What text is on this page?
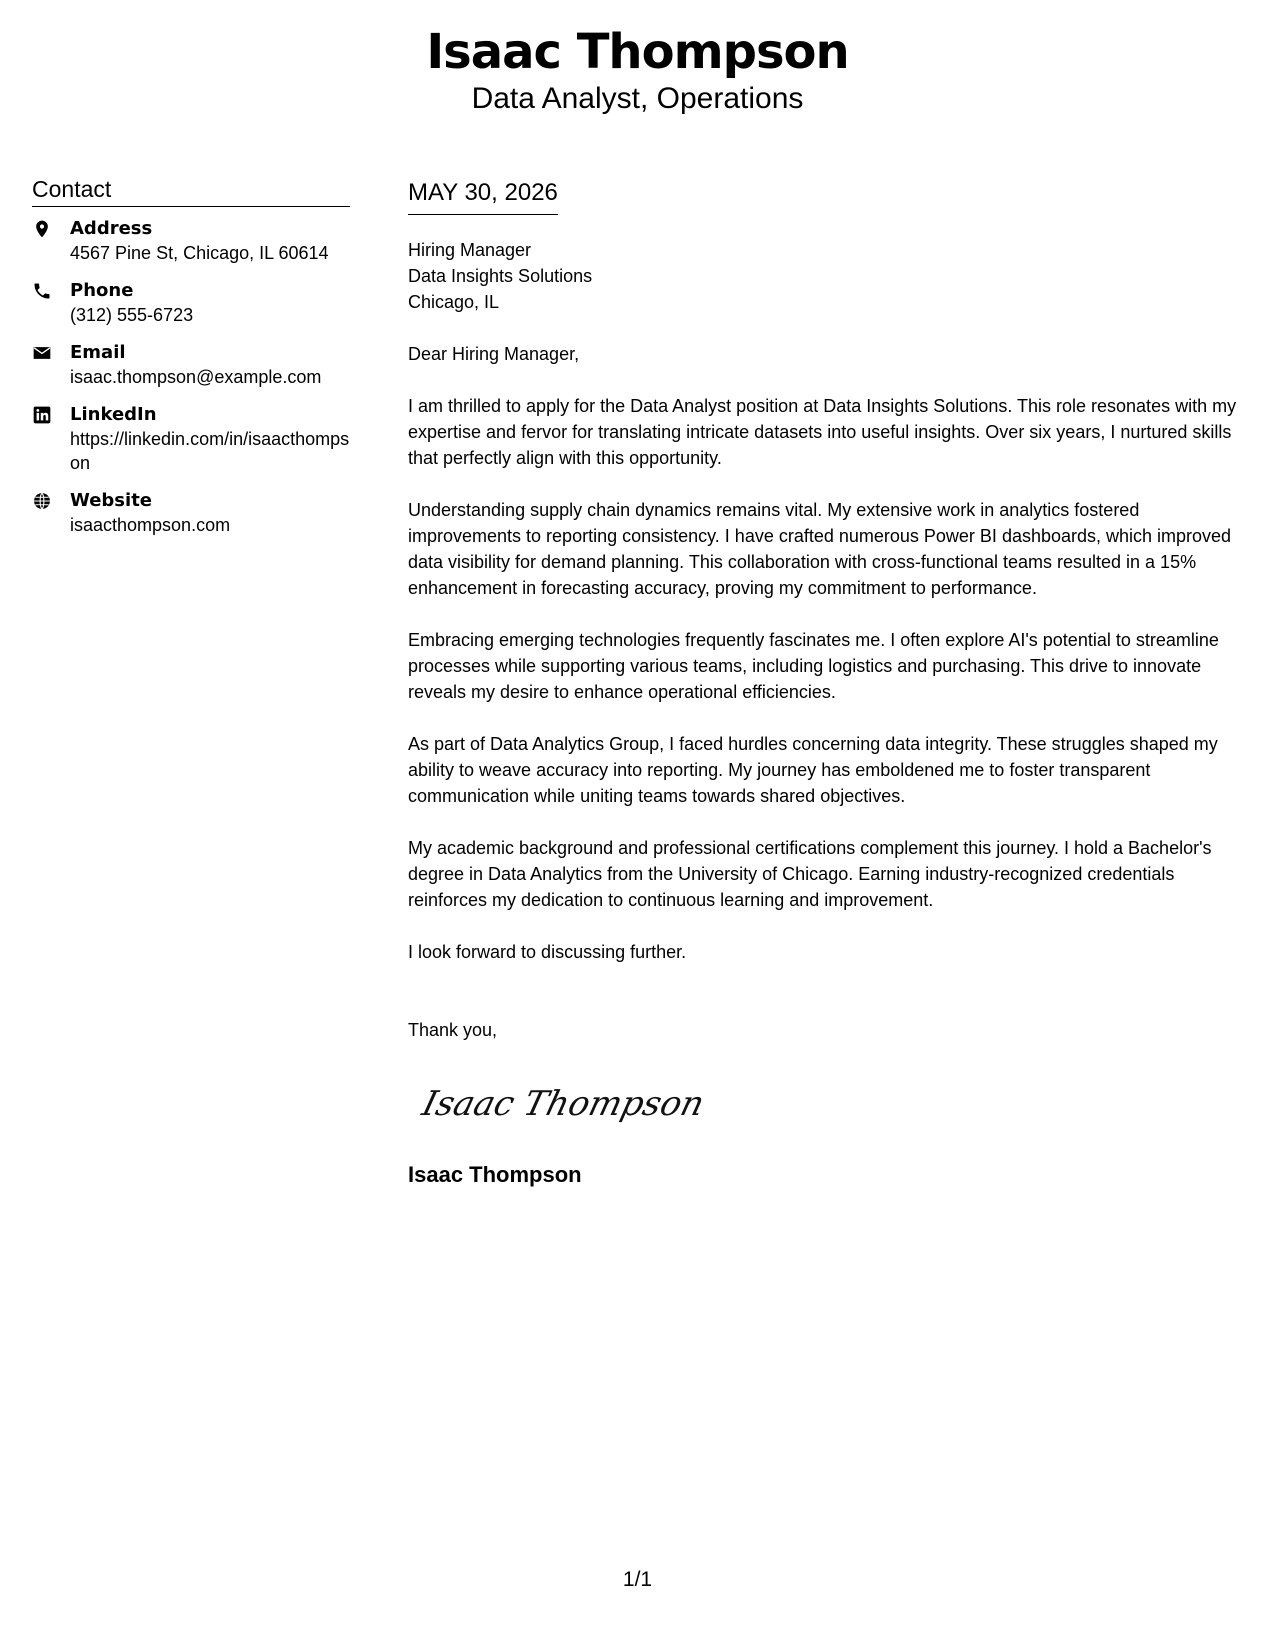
Isaac Thompson
Data Analyst, Operations
Contact
Address
4567 Pine St, Chicago, IL 60614
Phone
(312) 555-6723
Email
isaac.thompson@example.com
LinkedIn
https://linkedin.com/in/isaacthompson
Website
isaacthompson.com
MAY 30, 2026
Hiring Manager
Data Insights Solutions
Chicago, IL
Dear Hiring Manager,
I am thrilled to apply for the Data Analyst position at Data Insights Solutions. This role resonates with my expertise and fervor for translating intricate datasets into useful insights. Over six years, I nurtured skills that perfectly align with this opportunity.
Understanding supply chain dynamics remains vital. My extensive work in analytics fostered improvements to reporting consistency. I have crafted numerous Power BI dashboards, which improved data visibility for demand planning. This collaboration with cross-functional teams resulted in a 15% enhancement in forecasting accuracy, proving my commitment to performance.
Embracing emerging technologies frequently fascinates me. I often explore AI's potential to streamline processes while supporting various teams, including logistics and purchasing. This drive to innovate reveals my desire to enhance operational efficiencies.
As part of Data Analytics Group, I faced hurdles concerning data integrity. These struggles shaped my ability to weave accuracy into reporting. My journey has emboldened me to foster transparent communication while uniting teams towards shared objectives.
My academic background and professional certifications complement this journey. I hold a Bachelor's degree in Data Analytics from the University of Chicago. Earning industry-recognized credentials reinforces my dedication to continuous learning and improvement.
I look forward to discussing further.
Thank you,
Isaac Thompson
Isaac Thompson
1/1
